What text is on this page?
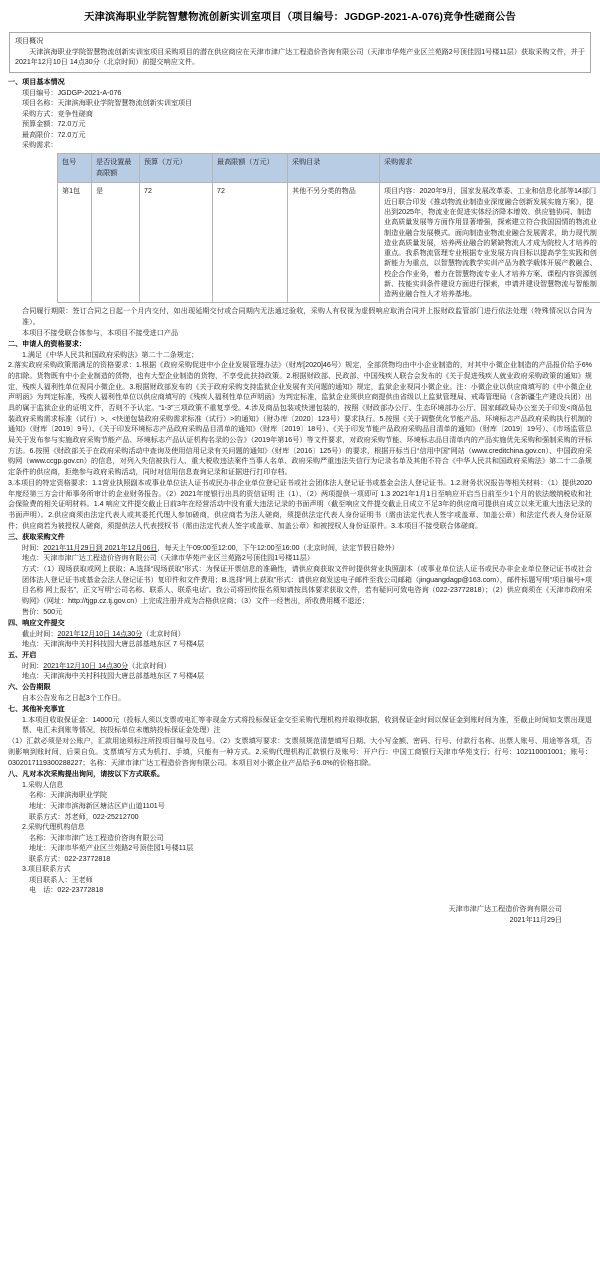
天津滨海职业学院智慧物流创新实训室项目（项目编号：JGDGP-2021-A-076)竞争性磋商公告
项目概况
天津滨海职业学院智慧物流创新实训室项目采购项目的潜在供应商应在天津市津广达工程造价咨询有限公司（天津市华苑产业区兰苑路2号顶佳园1号楼11层）获取采购文件，并于2021年12月10日 14点30分（北京时间）前提交响应文件。
一、项目基本情况
项目编号：JGDGP-2021-A-076
项目名称：天津滨海职业学院智慧物流创新实训室项目
采购方式：竞争性磋商
预算金额：72.0万元
最高限价：72.0万元
采购需求：
包号	是否设置最高限额	预算（万元）	最高限额（万元）	采购目录	采购需求
第1包	是	72	72	其他不另分类的物品	项目内容：2020年9月，国家发展改革委、工业和信息化部等14部门近日联合印发《推动物流业制造业深度融合创新发展实施方案》，提出到2025年，物流业在促进实体经济降本增效、供应链协同、制造业高质量发展等方面作用显著增强，探索建立符合我国国情的物流业制造业融合发展模式。面向制造业物流业融合发展需求，助力现代制造业高质量发展，培养两业融合的紧缺物流人才成为院校人才培养的重点。我系物流管理专业根据专业发展方向目标以提高学生实践和创新能力为重点，以智慧物流教学实训产品为教学载体开展产教融合、校企合作业务，着力在智慧物流专业人才培养方案、课程内容资源创新、技能实训条件建设方面进行探索，申请并建设智慧物流与智能制造两业融合性人才培养基地。
合同履行期限：签订合同之日起一个月内交付，如出现延期交付或合同期内无法通过验收，采购人有权视为虚假响应取消合同并上报财政监管部门进行依法处理（特殊情况以合同为准）。
本项目不接受联合体参与，本项目不接受进口产品
二、申请人的资格要求：
1.满足《中华人民共和国政府采购法》第二十二条规定；
2.落实政府采购政策需满足的资格要求：1.根据《政府采购促进中小企业发展管理办法》（财库[2020]46号）规定，全部货物均由中小企业制造的，对其中小微企业制造的产品报价给予6%的扣除。货物既有中小企业制造的货物，也有大型企业制造的货物，不享受此扶持政策。2.根据财政部、民政部、中国残疾人联合会发布的《关于促进残疾人就业政府采购政策的通知》规定，残疾人福利性单位视同小微企业。3.根据财政部发布的《关于政府采购支持监狱企业发展有关问题的通知》规定，监狱企业视同小微企业。注：小微企业以供应商填写的《中小微企业声明函》为判定标准，残疾人福利性单位以供应商填写的《残疾人福利性单位声明函》为判定标准，监狱企业须供应商提供由省级以上监狱管理局、戒毒管理局（含新疆生产建设兵团）出具的属于监狱企业的证明文件，否则不予认定。“1-3”三项政策不重复享受。4.涉及商品包装或快递包装的，按照《财政部办公厅、生态环境部办公厅、国家邮政局办公室关于印发<商品包装政府采购需求标准（试行）>、<快递包装政府采购需求标准（试行）>的通知》（财办库〔2020〕123号）要求执行。5.按照《关于调整优化节能产品、环境标志产品政府采购执行机制的通知》（财库〔2019〕9号）、《关于印发环境标志产品政府采购品目清单的通知》（财库〔2019〕18号）、《关于印发节能产品政府采购品目清单的通知》（财库〔2019〕19号）、《市场监管总局关于发布参与实施政府采购节能产品、环境标志产品认证机构名录的公告》（2019年第16号）等文件要求，对政府采购节能、环境标志品目清单内的产品实施优先采购和强制采购的评标方法。6.按照《财政部关于在政府采购活动中查询及使用信用记录有关问题的通知》（财库〔2016〕125号）的要求，根据开标当日“信用中国”网站（www.creditchina.gov.cn）、中国政府采购网（www.ccgp.gov.cn）的信息，对列入失信被执行人、重大税收违法案件当事人名单、政府采购严重违法失信行为记录名单及其他不符合《中华人民共和国政府采购法》第二十二条规定条件的供应商，拒绝参与政府采购活动，同时对信用信息查询记录和证据进行打印存档。
3.本项目的特定资格要求：1.1营业执照副本或事业单位法人证书或民办非企业单位登记证书或社会团体法人登记证书或基金会法人登记证书。1.2.财务状况报告等相关材料：（1）提供2020年度经第三方会计师事务所审计的企业财务报告。（2）2021年度银行出具的资信证明 注（1）、（2）两项提供一项即可 1.3 2021年1月1日至响应开启当日前至少1个月的依法缴纳税收和社会保险费的相关证明材料。1.4 响应文件提交截止日前3年在经营活动中没有重大违法记录的书面声明（截至响应文件提交截止日成立不足3年的供应商可提供自成立以来无重大违法记录的书面声明）。2.供应商须由法定代表人或其委托代理人参加磋商，供应商若为法人磋商，须提供法定代表人身份证明书（需由法定代表人签字或盖章、加盖公章）和法定代表人身份证原件；供应商若为被授权人磋商，须提供法人代表授权书（需由法定代表人签字或盖章、加盖公章）和被授权人身份证原件。3.本项目不接受联合体磋商。
三、获取采购文件
时间：2021年11月29日到 2021年12月06日，每天上午09:00至12:00，下午12:00至16:00（北京时间，法定节假日除外）
地点：天津市津广达工程造价咨询有限公司（天津市华苑产业区兰苑路2号顶佳园1号楼11层）
方式：（1）现场获取或网上获取；A.选择“现场获取”形式：为保证开票信息的准确性，请供应商获取文件时提供营业执照副本（或事业单位法人证书或民办非企业单位登记证书或社会团体法人登记证书或基金会法人登记证书）复印件和文件费用；B.选择“网上获取”形式：请供应商发送电子邮件至我公司邮箱（jinguangdagp@163.com），邮件标题写明“项目编号+项目名称 网上报名”，正文写明“公司名称、联系人、联系电话”。我公司将回传报名须知请按具体要求获取文件，若有疑问可致电咨询（022-23772818）；（2）供应商须在《天津市政府采购网》（网址：http://tjgp.cz.tj.gov.cn）上完成注册并成为合格供应商；（3）文件一经售出，所收费用概不退还；
售价：500元
四、响应文件提交
截止时间：2021年12月10日 14点30分（北京时间）
地点：天津滨海中关村科技园大唐总部基地东区 7 号楼4层
五、开启
时间：2021年12月10日 14点30分（北京时间）
地点：天津滨海中关村科技园大唐总部基地东区 7 号楼4层
六、公告期限
自本公告发布之日起3个工作日。
七、其他补充事宜
1.本项目收取保证金：14000元（投标人须以支票或电汇等非现金方式将投标保证金交至采购代理机构并取得收据，收到保证金时间以保证金到账时间为准，至截止时间如支票出现退票、电汇未到账等情况，按投标单位未缴纳投标保证金处理）注
（1）汇款必须是对公账户，汇款用途须标注所投项目编号及包号。（2）支票填写要求：支票须规范清楚填写日期、大小写金额、密码、行号、付款行名称、出票人账号、用途等各项，否则影响到账时间，后果自负。支票填写方式为机打、手填，只能有一种方式。2.采购代理机构汇款银行及账号：开户行：中国工商银行天津市华苑支行；行号：102110001001；账号：0302017119300288227；名称：天津市津广达工程造价咨询有限公司。本项目对小微企业产品给予6.0%的价格扣除。
八、凡对本次采购提出询问，请按以下方式联系。
1.采购人信息
名称：天津滨海职业学院
地址：天津市滨海新区塘沽区庐山道1101号
联系方式：苏老师，022-25212700
2.采购代理机构信息
名称：天津市津广达工程造价咨询有限公司
地址：天津市华苑产业区兰苑路2号顶佳园1号楼11层
联系方式：022-23772818
3.项目联系方式
项目联系人：王老师
电　话：022-23772818
天津市津广达工程造价咨询有限公司
2021年11月29日
